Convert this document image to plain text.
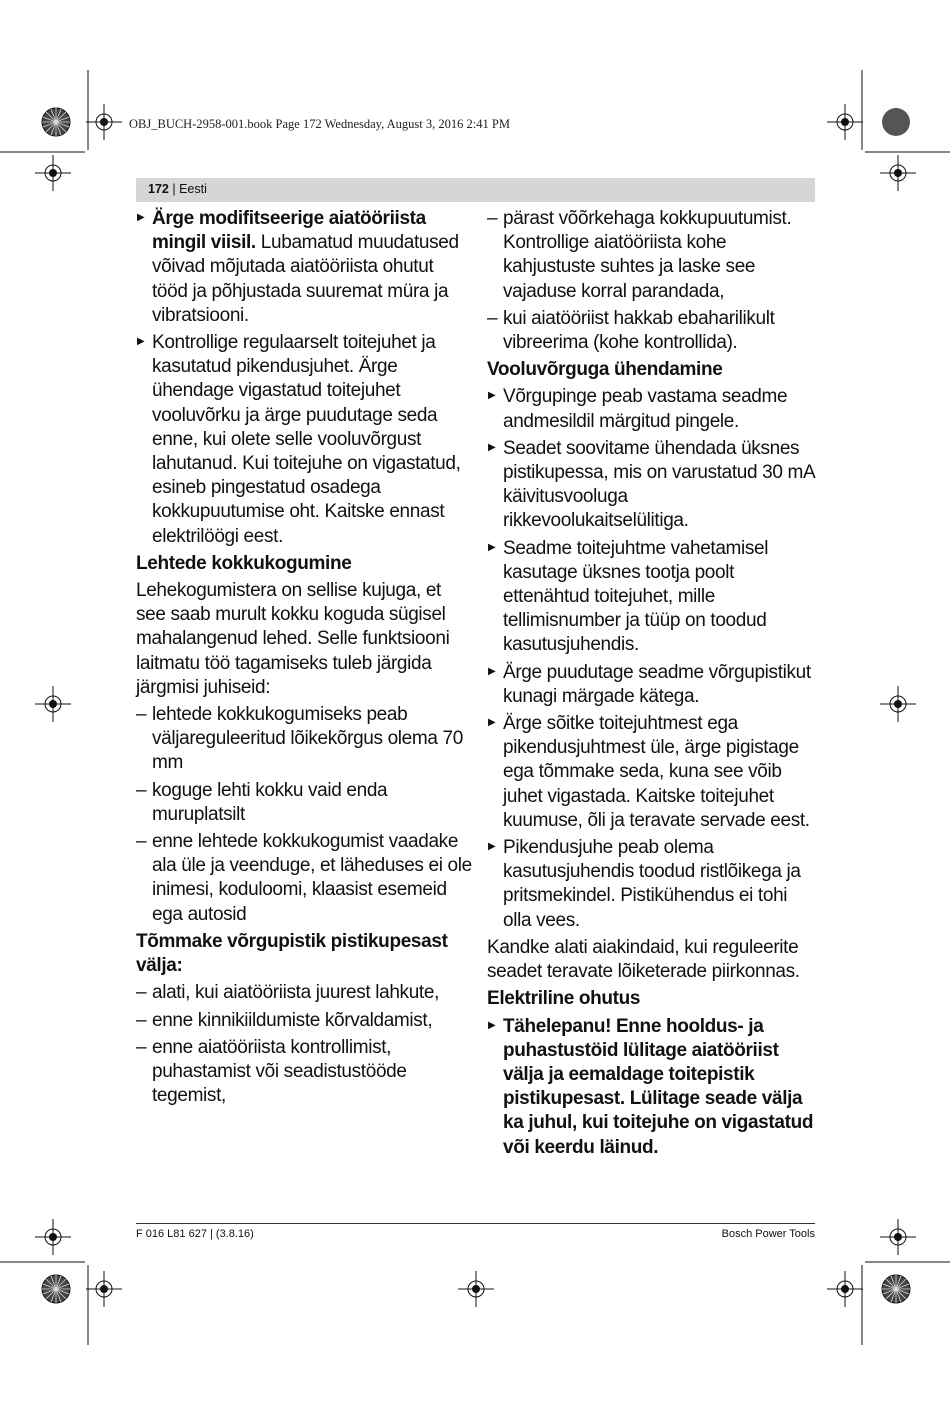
OBJ_BUCH-2958-001.book Page 172 Wednesday, August 3, 2016 2:41 PM
172 | Eesti
▶ Ärge modifitseerige aiatööriista mingil viisil. Lubamatud muudatused võivad mõjutada aiatööriista ohutut tööd ja põhjustada suuremat müra ja vibratsiooni.
▶ Kontrollige regulaarselt toitejuhet ja kasutatud pikendusjuhet. Ärge ühendage vigastatud toitejuhet vooluvõrku ja ärge puudutage seda enne, kui olete selle vooluvõrgust lahutanud. Kui toitejuhe on vigastatud, esineb pingestatud osadega kokkupuutumise oht. Kaitske ennast elektrilöögi eest.
Lehtede kokkukogumine
Lehekogumistera on sellise kujuga, et see saab murult kokku koguda sügisel mahalangenud lehed. Selle funktsiooni laitmatu töö tagamiseks tuleb järgida järgmisi juhiseid:
– lehtede kokkukogumiseks peab väljareguleeritud lõikekõrgus olema 70 mm
– koguge lehti kokku vaid enda muruplatsilt
– enne lehtede kokkukogumist vaadake ala üle ja veenduge, et läheduses ei ole inimesi, koduloomi, klaasist esemeid ega autosid
Tõmmake võrgupistik pistikupesast välja:
– alati, kui aiatööriista juurest lahkute,
– enne kinnikiildumiste kõrvaldamist,
– enne aiatööriista kontrollimist, puhastamist või seadistustööde tegemist,
– pärast võõrkehaga kokkupuutumist. Kontrollige aiatööriista kohe kahjustuste suhtes ja laske see vajaduse korral parandada,
– kui aiatööriist hakkab ebaharilikult vibreerima (kohe kontrollida).
Vooluvõrguga ühendamine
▶ Võrgupinge peab vastama seadme andmesildil märgitud pingele.
▶ Seadet soovitame ühendada üksnes pistikupessa, mis on varustatud 30 mA käivitusvooluga rikkevoolukaitselülitiga.
▶ Seadme toitejuhtme vahetamisel kasutage üksnes tootja poolt ettenähtud toitejuhet, mille tellimisnumber ja tüüp on toodud kasutusjuhendis.
▶ Ärge puudutage seadme võrgupistikut kunagi märgade kätega.
▶ Ärge sõitke toitejuhtmest ega pikendusjuhtmest üle, ärge pigistage ega tõmmake seda, kuna see võib juhet vigastada. Kaitske toitejuhet kuumuse, õli ja teravate servade eest.
▶ Pikendusjuhe peab olema kasutusjuhendis toodud ristlõikega ja pritsmekindel. Pistikühendus ei tohi olla vees.
Kandke alati aiakindaid, kui reguleerite seadet teravate lõiketerade piirkonnas.
Elektriline ohutus
▶ Tähelepanu! Enne hooldus- ja puhastustöid lülitage aiatööriist välja ja eemaldage toitepistik pistikupesast. Lülitage seade välja ka juhul, kui toitejuhe on vigastatud või keerdu läinud.
F 016 L81 627 | (3.8.16)	Bosch Power Tools
